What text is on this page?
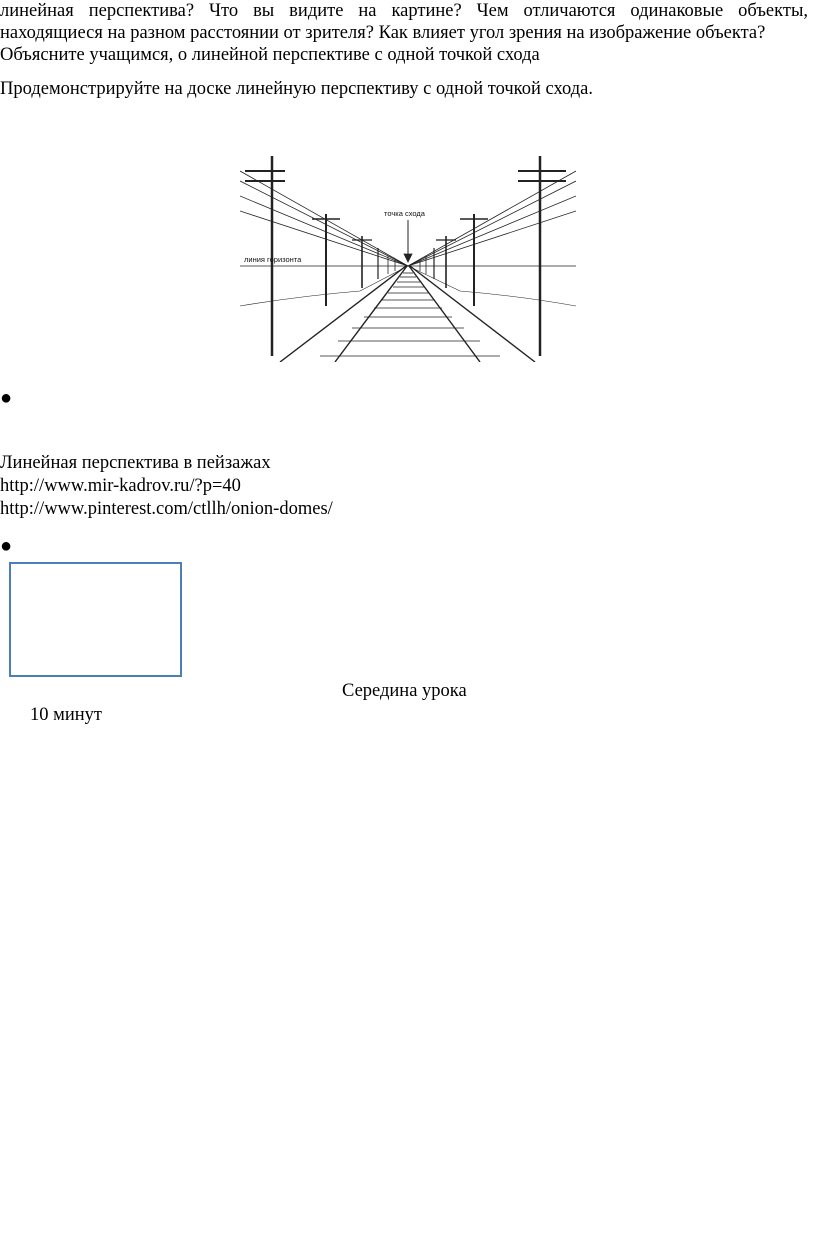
линейная перспектива? Что вы видите на картине? Чем отличаются одинаковые объекты,
находящиеся на разном расстоянии от зрителя? Как влияет угол зрения на изображение объекта?
Объясните учащимся, о линейной перспективе с одной точкой схода
Продемонстрируйте на доске линейную перспективу с одной точкой схода.
точка схода
линия горизонта
●
Линейная перспектива в пейзажах
http://www.mir-kadrov.ru/?p=40
http://www.pinterest.com/ctllh/onion-domes/
●
Середина урока
10 минут
